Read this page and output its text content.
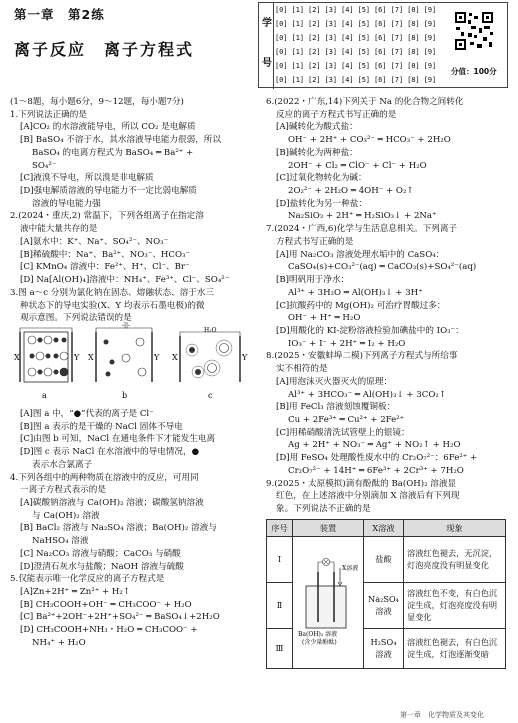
第一章　第2练
离子反应　离子方程式
学
号
[0] [1] [2] [3] [4] [5] [6] [7] [8] [9]
[0] [1] [2] [3] [4] [5] [6] [7] [8] [9]
[0] [1] [2] [3] [4] [5] [6] [7] [8] [9]
[0] [1] [2] [3] [4] [5] [6] [7] [8] [9]
[0] [1] [2] [3] [4] [5] [6] [7] [8] [9]
[0] [1] [2] [3] [4] [5] [6] [7] [8] [9]
分值：100分
(1～8题，每小题6分，9～12题，每小题7分)
1.下列说法正确的是
[A]CO₂ 的水溶液能导电，所以 CO₂ 是电解质
[B] BaSO₄ 不溶于水，其水溶液导电能力很弱，所以
BaSO₄ 的电离方程式为 BaSO₄ ═ Ba²⁺ +
SO₄²⁻
[C]液溴不导电，所以溴是非电解质
[D]强电解质溶液的导电能力不一定比弱电解质
溶液的导电能力强
2.(2024・重庆,2) 常温下，下列各组离子在指定溶
液中能大量共存的是
[A]氨水中：K⁺、Na⁺、SO₄²⁻、NO₃⁻
[B]稀硫酸中：Na⁺、Ba²⁺、NO₃⁻、HCO₃⁻
[C] KMnO₄ 溶液中：Fe²⁺、H⁺、Cl⁻、Br⁻
[D] Na[Al(OH)₄]溶液中：NH₄⁺、Fe³⁺、Cl⁻、SO₄²⁻
3.图 a～c 分别为氯化钠在固态、熔融状态、溶于水三
种状态下的导电实验(X、Y 均表示石墨电极)的微
观示意图。下列说法错误的是
X	Y
-||-
X	Y
H₂O
X	Y
a	b	c
[A]图 a 中，“●”代表的离子是 Cl⁻
[B]图 a 表示的是干燥的 NaCl 固体不导电
[C]由图 b 可知，NaCl 在通电条件下才能发生电离
[D]图 c 表示 NaCl 在水溶液中的导电情况，●
表示水合氯离子
4.下列各组中的两种物质在溶液中的反应，可用同
一离子方程式表示的是
[A]碳酸钠溶液与 Ca(OH)₂ 溶液；碳酸氢钠溶液
与 Ca(OH)₂ 溶液
[B] BaCl₂ 溶液与 Na₂SO₄ 溶液；Ba(OH)₂ 溶液与
NaHSO₄ 溶液
[C] Na₂CO₃ 溶液与硝酸；CaCO₃ 与硝酸
[D]澄清石灰水与盐酸；NaOH 溶液与硫酸
5.仅能表示唯一化学反应的离子方程式是
[A]Zn+2H⁺ ═ Zn²⁺ + H₂↑
[B] CH₃COOH+OH⁻ ═ CH₃COO⁻ + H₂O
[C] Ba²⁺+2OH⁻+2H⁺+SO₄²⁻ ═ BaSO₄↓+2H₂O
[D] CH₃COOH+NH₃・H₂O ═ CH₃COO⁻ +
NH₄⁺ + H₂O
6.(2022・广东,14)下列关于 Na 的化合物之间转化
反应的离子方程式书写正确的是
[A]碱转化为酸式盐：
OH⁻ + 2H⁺ + CO₃²⁻ ═ HCO₃⁻ + 2H₂O
[B]碱转化为两种盐：
2OH⁻ + Cl₂ ═ ClO⁻ + Cl⁻ + H₂O
[C]过氧化物转化为碱：
2O₂²⁻ + 2H₂O ═ 4OH⁻ + O₂↑
[D]盐转化为另一种盐：
Na₂SiO₃ + 2H⁺ ═ H₂SiO₃↓ + 2Na⁺
7.(2024・广西,6)化学与生活息息相关。下列离子
方程式书写正确的是
[A]用 Na₂CO₃ 溶液处理水垢中的 CaSO₄：
CaSO₄(s)+CO₃²⁻(aq) ═ CaCO₃(s)+SO₄²⁻(aq)
[B]明矾用于净水：
Al³⁺ + 3H₂O ═ Al(OH)₃↓ + 3H⁺
[C]抗酸药中的 Mg(OH)₂ 可治疗胃酸过多：
OH⁻ + H⁺ ═ H₂O
[D]用酸化的 KI-淀粉溶液检验加碘盐中的 IO₃⁻：
IO₃⁻ + I⁻ + 2H⁺ ═ I₂ + H₂O
8.(2025・安徽蚌埠二模)下列离子方程式与所给事
实不相符的是
[A]用泡沫灭火器灭火的原理：
Al³⁺ + 3HCO₃⁻ ═ Al(OH)₃↓ + 3CO₂↑
[B]用 FeCl₃ 溶液刻蚀覆铜板：
Cu + 2Fe³⁺ ═ Cu²⁺ + 2Fe²⁺
[C]用稀硝酸清洗试管壁上的银镜：
Ag + 2H⁺ + NO₃⁻ ═ Ag⁺ + NO₂↑ + H₂O
[D]用 FeSO₄ 处理酸性废水中的 Cr₂O₇²⁻：6Fe²⁺ +
Cr₂O₇²⁻ + 14H⁺ ═ 6Fe³⁺ + 2Cr³⁺ + 7H₂O
9.(2025・太原模拟)滴有酚酞的 Ba(OH)₂ 溶液显
红色，在上述溶液中分别滴加 X 溶液后有下列现
象。下列说法不正确的是
序号	装置	X溶液	现象
Ⅰ	X溶液
Ba(OH)₂ 溶液
(含少量酚酞)	盐酸	溶液红色褪去，无沉淀，灯泡亮度没有明显变化
Ⅱ		Na₂SO₄ 溶液	溶液红色不变，有白色沉淀生成，灯泡亮度没有明显变化
Ⅲ		H₂SO₄ 溶液	溶液红色褪去，有白色沉淀生成，灯泡逐渐变暗
第一章　化学物质及其变化
